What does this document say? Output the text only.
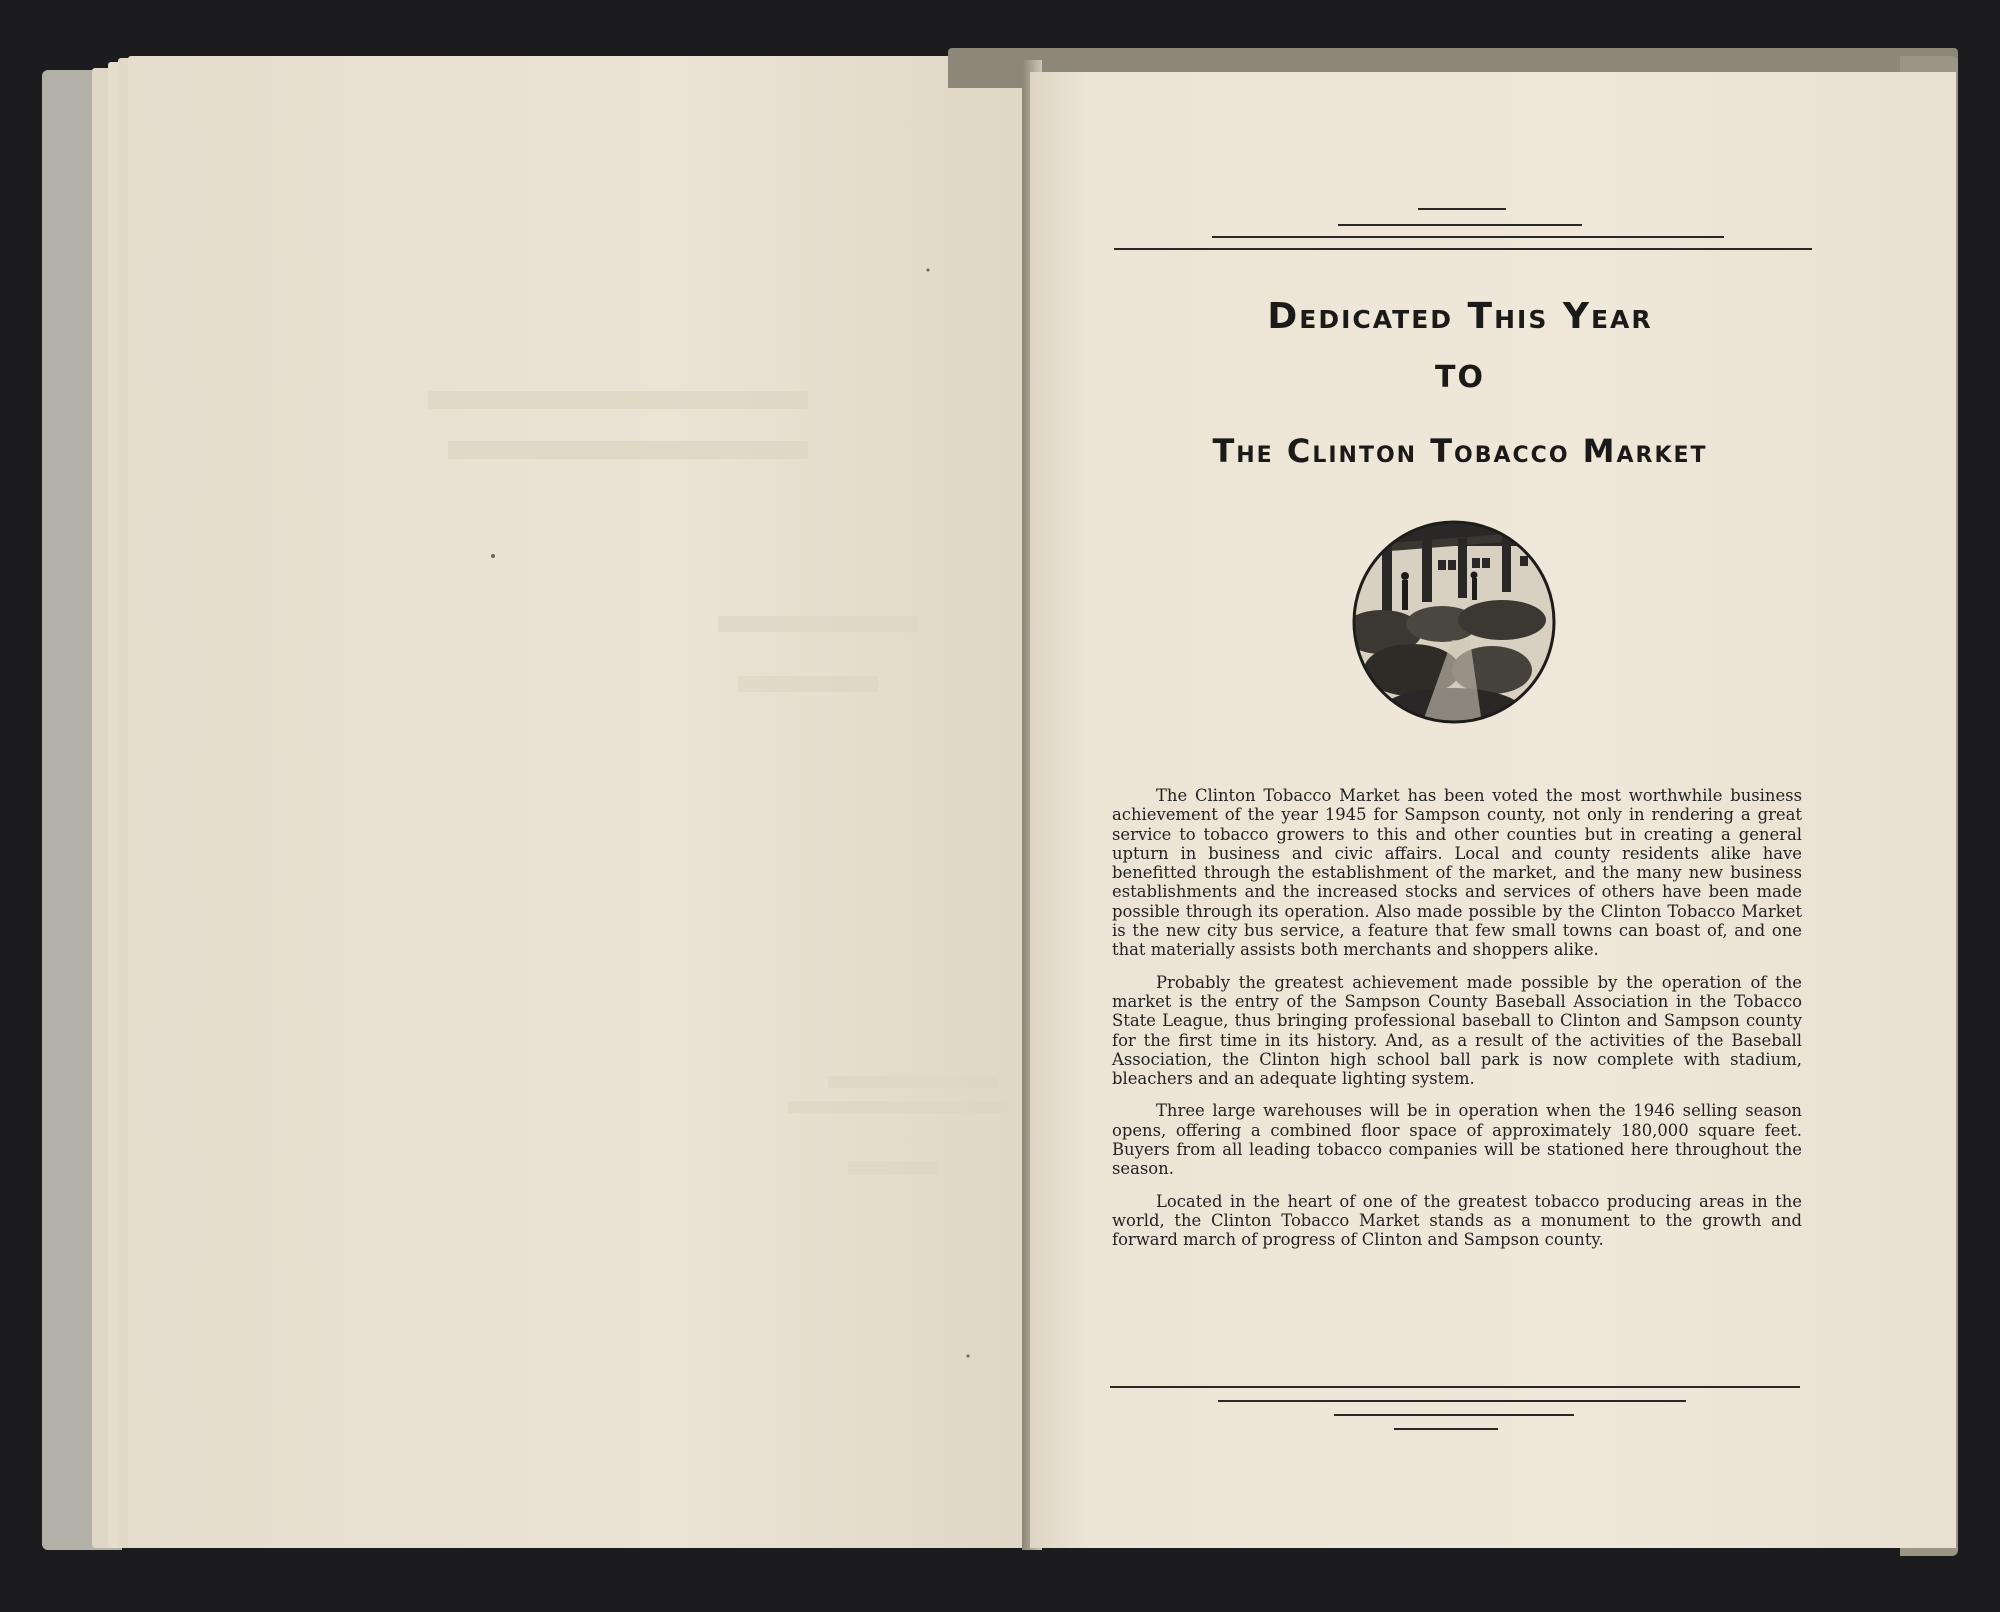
Dedicated This Year
TO
The Clinton Tobacco Market

The Clinton Tobacco Market has been voted the most worthwhile business achievement of the year 1945 for Sampson county, not only in rendering a great service to tobacco growers to this and other counties but in creating a general upturn in business and civic affairs. Local and county residents alike have benefitted through the establishment of the market, and the many new business establishments and the increased stocks and services of others have been made possible through its operation. Also made possible by the Clinton Tobacco Market is the new city bus service, a feature that few small towns can boast of, and one that materially assists both merchants and shoppers alike.

Probably the greatest achievement made possible by the operation of the market is the entry of the Sampson County Baseball Association in the Tobacco State League, thus bringing professional baseball to Clinton and Sampson county for the first time in its history. And, as a result of the activities of the Baseball Association, the Clinton high school ball park is now complete with stadium, bleachers and an adequate lighting system.

Three large warehouses will be in operation when the 1946 selling season opens, offering a combined floor space of approximately 180,000 square feet. Buyers from all leading tobacco companies will be stationed here throughout the season.

Located in the heart of one of the greatest tobacco producing areas in the world, the Clinton Tobacco Market stands as a monument to the growth and forward march of progress of Clinton and Sampson county.
